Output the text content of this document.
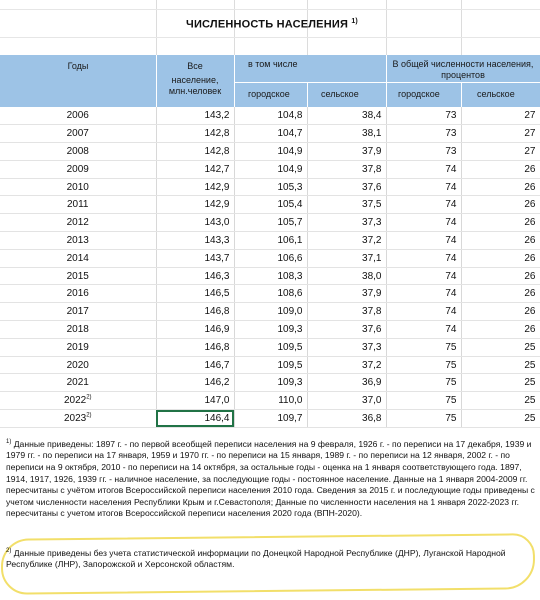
ЧИСЛЕННОСТЬ НАСЕЛЕНИЯ $^{1)}$
Годы	Все
население,
млн.человек
в том числе
городское	сельское
В общей численности населения,
процентов
городское	сельское
2006	143,2	104,8	38,4	73	27
2007	142,8	104,7	38,1	73	27
2008	142,8	104,9	37,9	73	27
2009	142,7	104,9	37,8	74	26
2010	142,9	105,3	37,6	74	26
2011	142,9	105,4	37,5	74	26
2012	143,0	105,7	37,3	74	26
2013	143,3	106,1	37,2	74	26
2014	143,7	106,6	37,1	74	26
2015	146,3	108,3	38,0	74	26
2016	146,5	108,6	37,9	74	26
2017	146,8	109,0	37,8	74	26
2018	146,9	109,3	37,6	74	26
2019	146,8	109,5	37,3	75	25
2020	146,7	109,5	37,2	75	25
2021	146,2	109,3	36,9	75	25
2022$^{2)}$	147,0	110,0	37,0	75	25
2023$^{2)}$	146,4	109,7	36,8	75	25
$^{1)}$ Данные приведены: 1897 г. - по первой всеобщей переписи населения на 9 февраля, 1926 г. - по переписи на 17 декабря, 1939 и 1979 гг. - по переписи на 17 января, 1959 и 1970 гг. - по переписи на 15 января, 1989 г. - по переписи на 12 января, 2002 г. - по переписи на 9 октября, 2010 - по переписи на 14 октября, за остальные годы - оценка на 1 января соответствующего года. 1897, 1914, 1917, 1926, 1939 гг. - наличное население, за последующие годы - постоянное население. Данные на 1 января 2004-2009 гг. пересчитаны с учётом итогов Всероссийской переписи населения 2010 года. Сведения за 2015 г. и последующие годы приведены с учетом численности населения Республики Крым и г.Севастополя; Данные по численности населения на 1 января 2022-2023 гг. пересчитаны с учетом итогов Всероссийской переписи населения 2020 года (ВПН-2020).
$^{2)}$ Данные приведены без учета статистической информации по Донецкой Народной Республике (ДНР), Луганской Народной Республике (ЛНР), Запорожской и Херсонской областям.
